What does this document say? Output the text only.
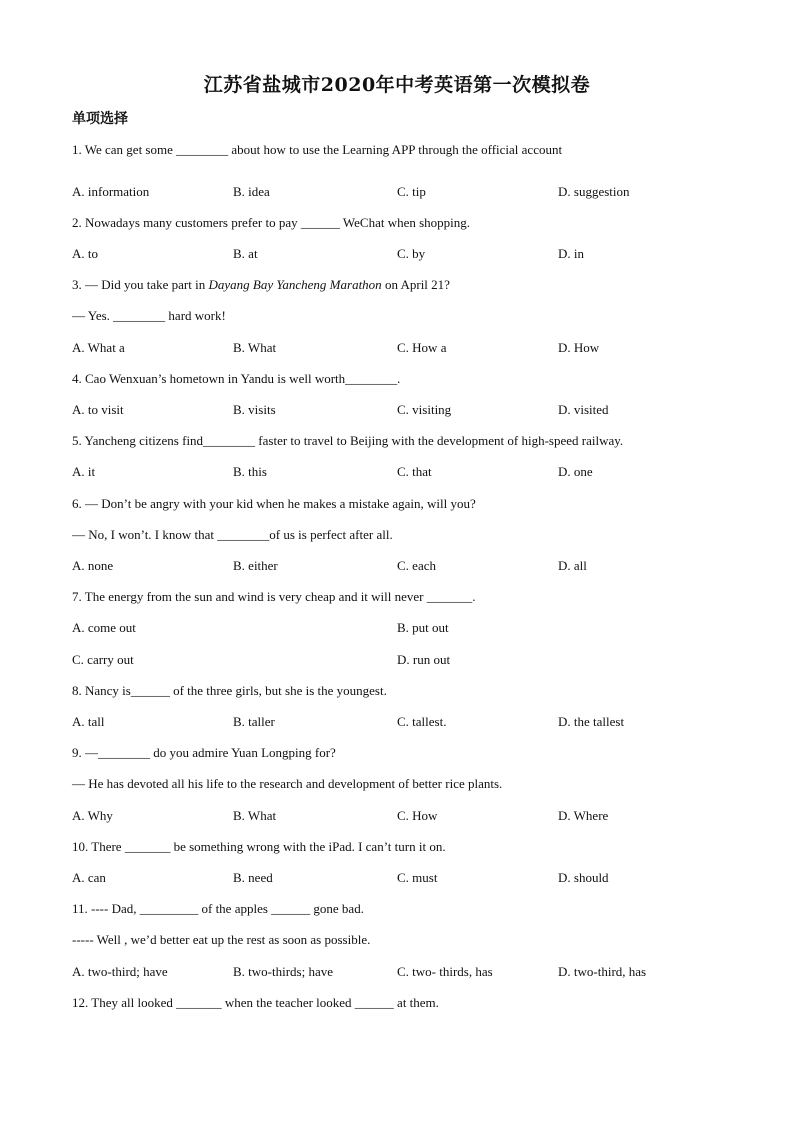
江苏省盐城市2020年中考英语第一次模拟卷
单项选择
1. We can get some ________ about how to use the Learning APP through the official account
A. information	B. idea	C. tip	D. suggestion
2. Nowadays many customers prefer to pay ______ WeChat when shopping.
A. to	B. at	C. by	D. in
3. — Did you take part in Dayang Bay Yancheng Marathon on April 21?
— Yes. ________ hard work!
A. What a	B. What	C. How a	D. How
4. Cao Wenxuan’s hometown in Yandu is well worth________.
A. to visit	B. visits	C. visiting	D. visited
5. Yancheng citizens find________ faster to travel to Beijing with the development of high-speed railway.
A. it	B. this	C. that	D. one
6. — Don’t be angry with your kid when he makes a mistake again, will you?
— No, I won’t. I know that ________of us is perfect after all.
A. none	B. either	C. each	D. all
7. The energy from the sun and wind is very cheap and it will never _______.
A. come out	B. put out
C. carry out	D. run out
8. Nancy is______ of the three girls, but she is the youngest.
A. tall	B. taller	C. tallest.	D. the tallest
9. —________ do you admire Yuan Longping for?
— He has devoted all his life to the research and development of better rice plants.
A. Why	B. What	C. How	D. Where
10. There _______ be something wrong with the iPad. I can’t turn it on.
A. can	B. need	C. must	D. should
11. ---- Dad, _________ of the apples ______ gone bad.
----- Well , we’d better eat up the rest as soon as possible.
A. two-third; have	B. two-thirds; have	C. two- thirds, has	D. two-third, has
12. They all looked _______ when the teacher looked ______ at them.
